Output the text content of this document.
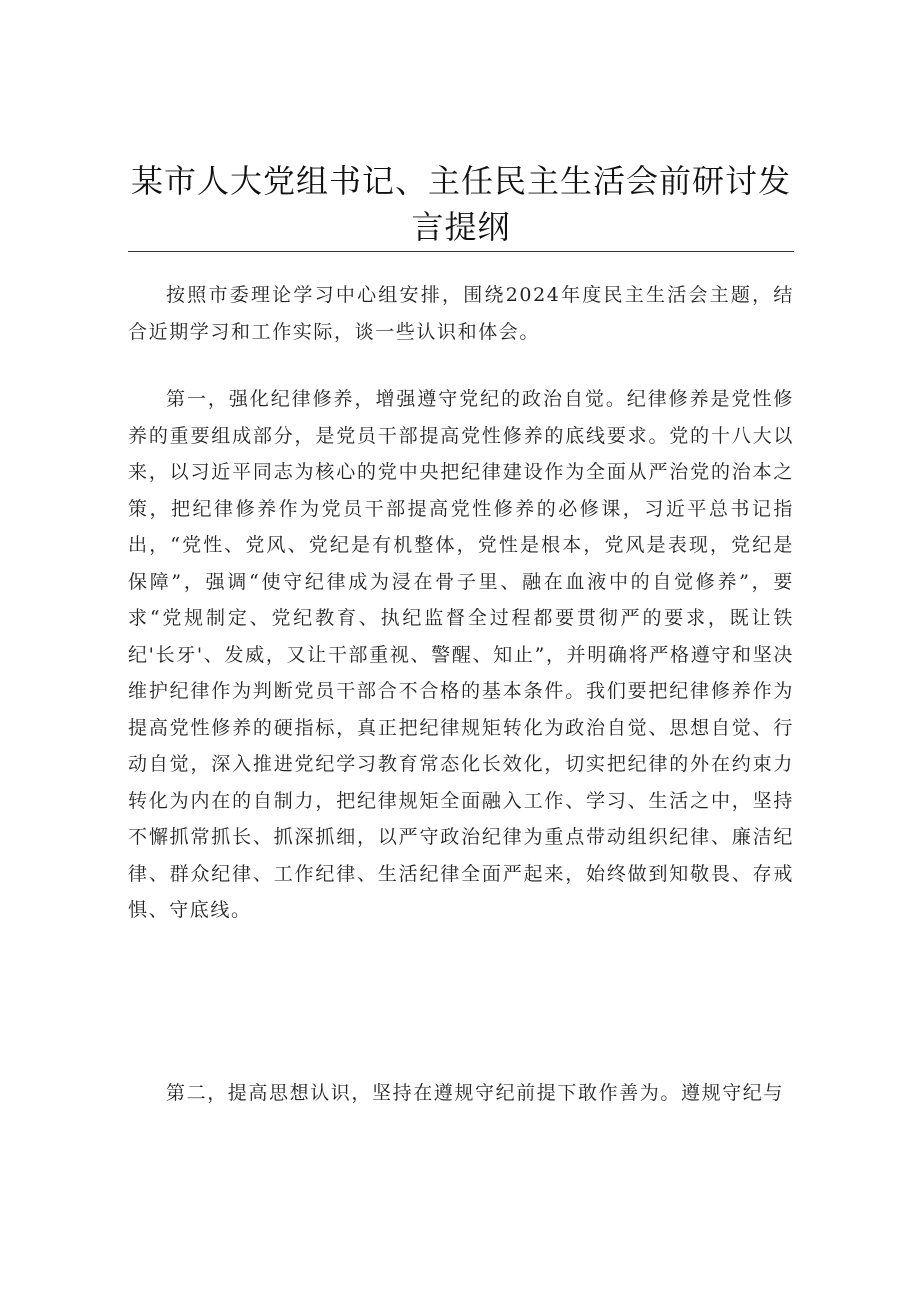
某市人大党组书记、主任民主生活会前研讨发言提纲

按照市委理论学习中心组安排，围绕2024年度民主生活会主题，结合近期学习和工作实际，谈一些认识和体会。

第一，强化纪律修养，增强遵守党纪的政治自觉。纪律修养是党性修养的重要组成部分，是党员干部提高党性修养的底线要求。党的十八大以来，以习近平同志为核心的党中央把纪律建设作为全面从严治党的治本之策，把纪律修养作为党员干部提高党性修养的必修课，习近平总书记指出，“党性、党风、党纪是有机整体，党性是根本，党风是表现，党纪是保障”，强调“使守纪律成为浸在骨子里、融在血液中的自觉修养”，要求“党规制定、党纪教育、执纪监督全过程都要贯彻严的要求，既让铁纪'长牙'、发威，又让干部重视、警醒、知止”，并明确将严格遵守和坚决维护纪律作为判断党员干部合不合格的基本条件。我们要把纪律修养作为提高党性修养的硬指标，真正把纪律规矩转化为政治自觉、思想自觉、行动自觉，深入推进党纪学习教育常态化长效化，切实把纪律的外在约束力转化为内在的自制力，把纪律规矩全面融入工作、学习、生活之中，坚持不懈抓常抓长、抓深抓细，以严守政治纪律为重点带动组织纪律、廉洁纪律、群众纪律、工作纪律、生活纪律全面严起来，始终做到知敬畏、存戒惧、守底线。

第二，提高思想认识，坚持在遵规守纪前提下敢作善为。遵规守纪与
